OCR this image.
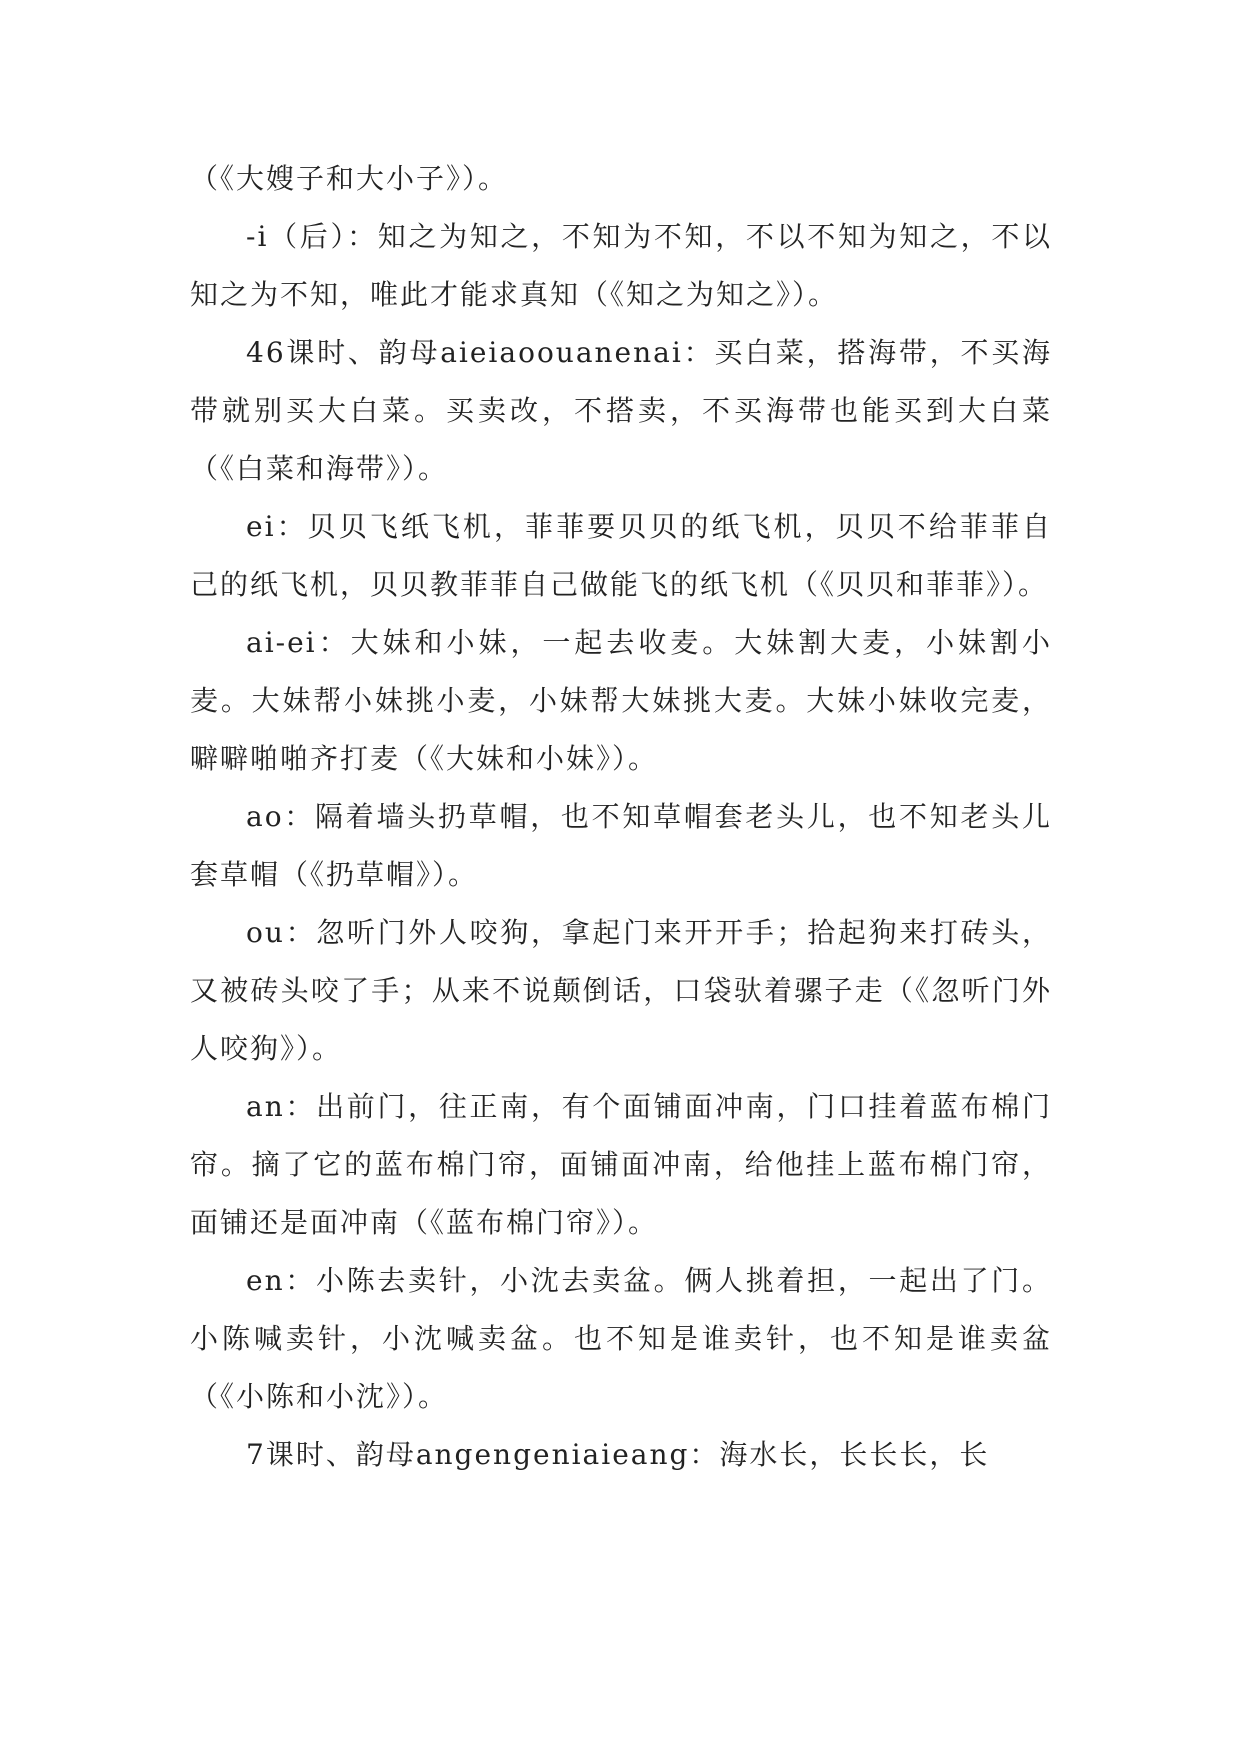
（《大嫂子和大小子》）。

-i（后）：知之为知之，不知为不知，不以不知为知之，不以知之为不知，唯此才能求真知（《知之为知之》）。

46课时、韵母aieiaoouanenai：买白菜，搭海带，不买海带就别买大白菜。买卖改，不搭卖，不买海带也能买到大白菜（《白菜和海带》）。

ei：贝贝飞纸飞机，菲菲要贝贝的纸飞机，贝贝不给菲菲自己的纸飞机，贝贝教菲菲自己做能飞的纸飞机（《贝贝和菲菲》）。

ai-ei：大妹和小妹，一起去收麦。大妹割大麦，小妹割小麦。大妹帮小妹挑小麦，小妹帮大妹挑大麦。大妹小妹收完麦，噼噼啪啪齐打麦（《大妹和小妹》）。

ao：隔着墙头扔草帽，也不知草帽套老头儿，也不知老头儿套草帽（《扔草帽》）。

ou：忽听门外人咬狗，拿起门来开开手；拾起狗来打砖头，又被砖头咬了手；从来不说颠倒话，口袋驮着骡子走（《忽听门外人咬狗》）。

an：出前门，往正南，有个面铺面冲南，门口挂着蓝布棉门帘。摘了它的蓝布棉门帘，面铺面冲南，给他挂上蓝布棉门帘，面铺还是面冲南（《蓝布棉门帘》）。

en：小陈去卖针，小沈去卖盆。俩人挑着担，一起出了门。小陈喊卖针，小沈喊卖盆。也不知是谁卖针，也不知是谁卖盆（《小陈和小沈》）。

7课时、韵母angengeniaieang：海水长，长长长，长
